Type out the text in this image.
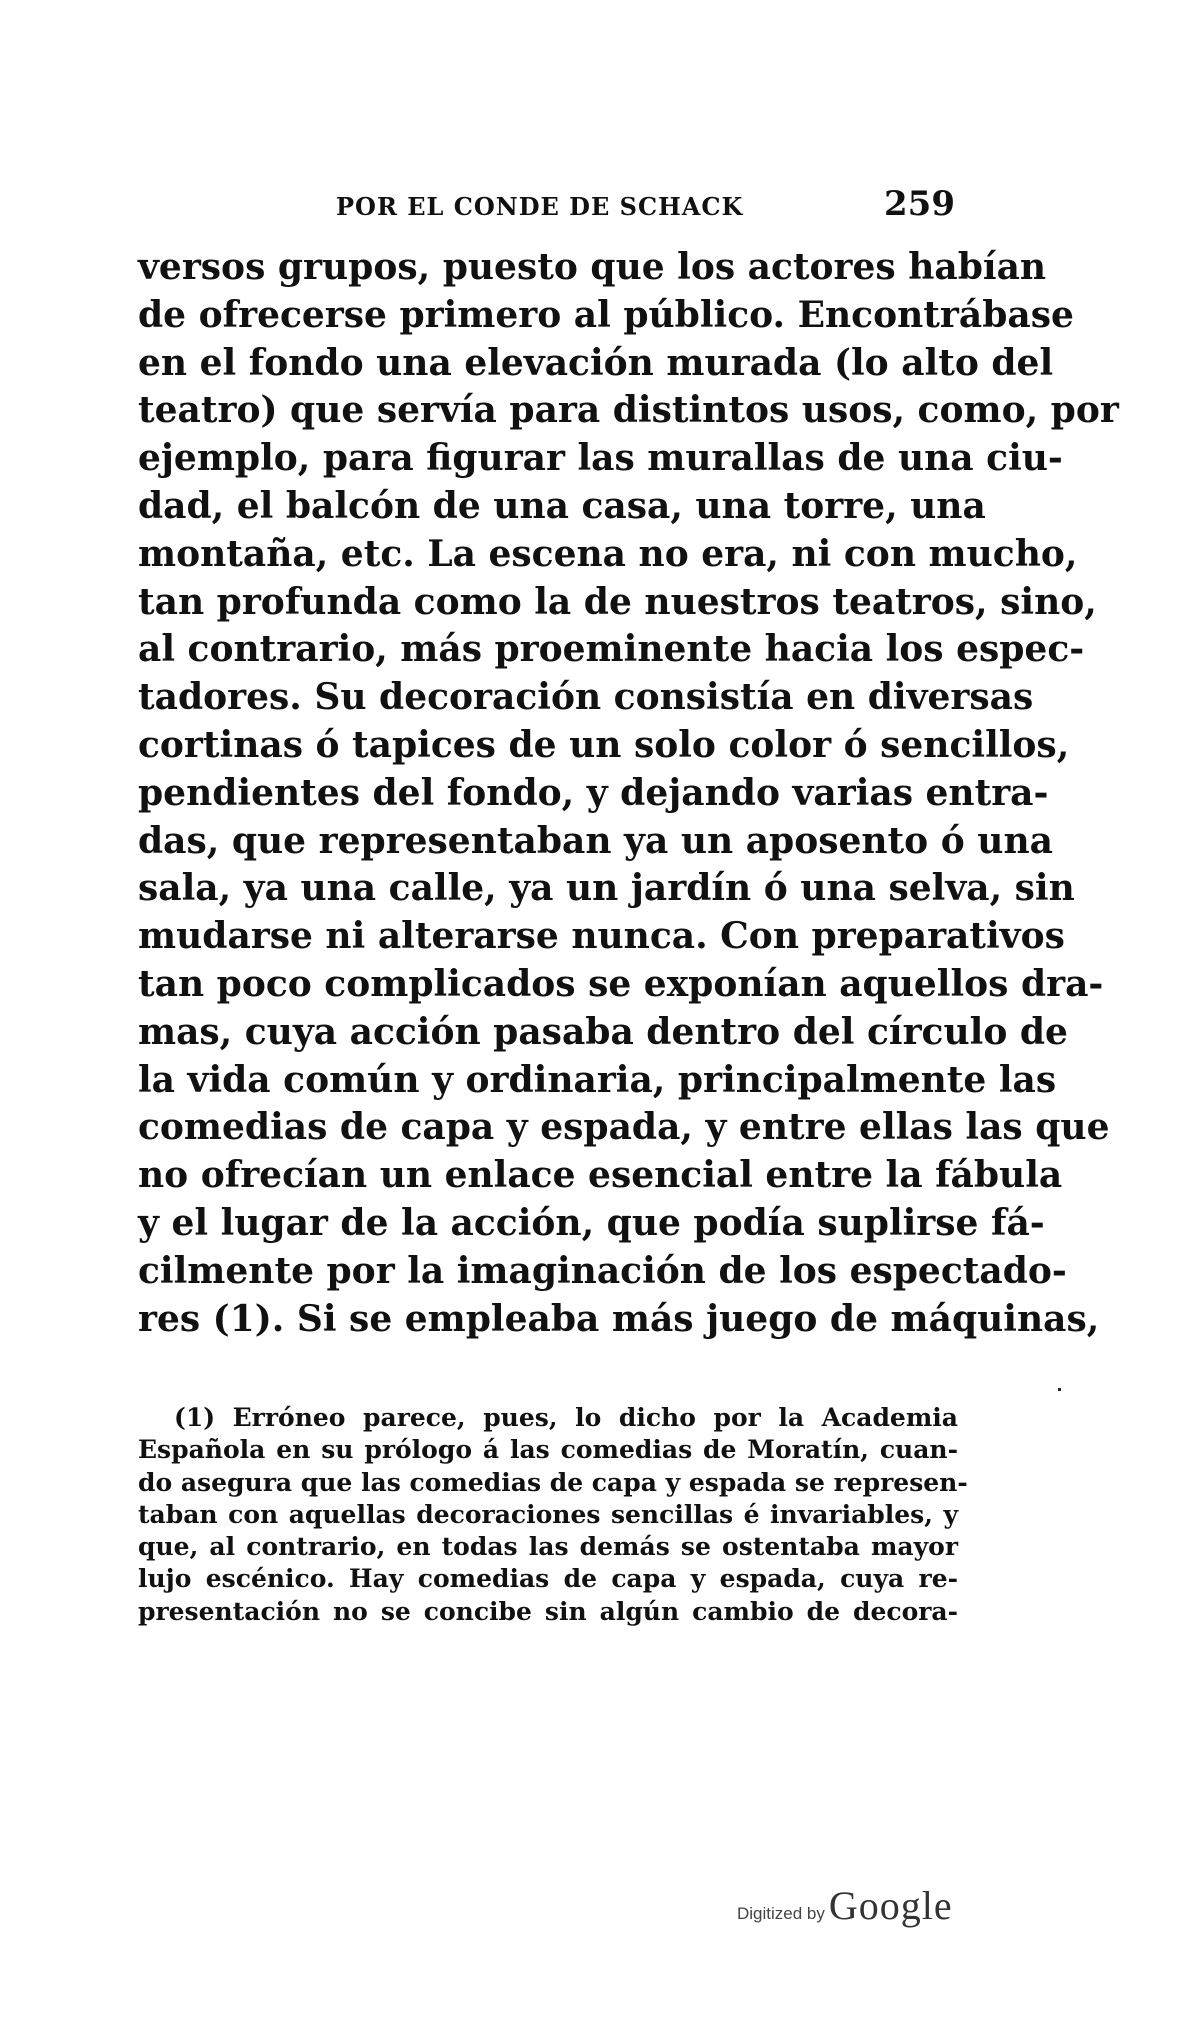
POR EL CONDE DE SCHACK	259
versos grupos, puesto que los actores habían
de ofrecerse primero al público. Encontrábase
en el fondo una elevación murada (lo alto del
teatro) que servía para distintos usos, como, por
ejemplo, para figurar las murallas de una ciu-
dad, el balcón de una casa, una torre, una
montaña, etc. La escena no era, ni con mucho,
tan profunda como la de nuestros teatros, sino,
al contrario, más proeminente hacia los espec-
tadores. Su decoración consistía en diversas
cortinas ó tapices de un solo color ó sencillos,
pendientes del fondo, y dejando varias entra-
das, que representaban ya un aposento ó una
sala, ya una calle, ya un jardín ó una selva, sin
mudarse ni alterarse nunca. Con preparativos
tan poco complicados se exponían aquellos dra-
mas, cuya acción pasaba dentro del círculo de
la vida común y ordinaria, principalmente las
comedias de capa y espada, y entre ellas las que
no ofrecían un enlace esencial entre la fábula
y el lugar de la acción, que podía suplirse fá-
cilmente por la imaginación de los espectado-
res (1). Si se empleaba más juego de máquinas,
(1) Erróneo parece, pues, lo dicho por la Academia
Española en su prólogo á las comedias de Moratín, cuan-
do asegura que las comedias de capa y espada se represen-
taban con aquellas decoraciones sencillas é invariables, y
que, al contrario, en todas las demás se ostentaba mayor
lujo escénico. Hay comedias de capa y espada, cuya re-
presentación no se concibe sin algún cambio de decora-
Digitized by Google
